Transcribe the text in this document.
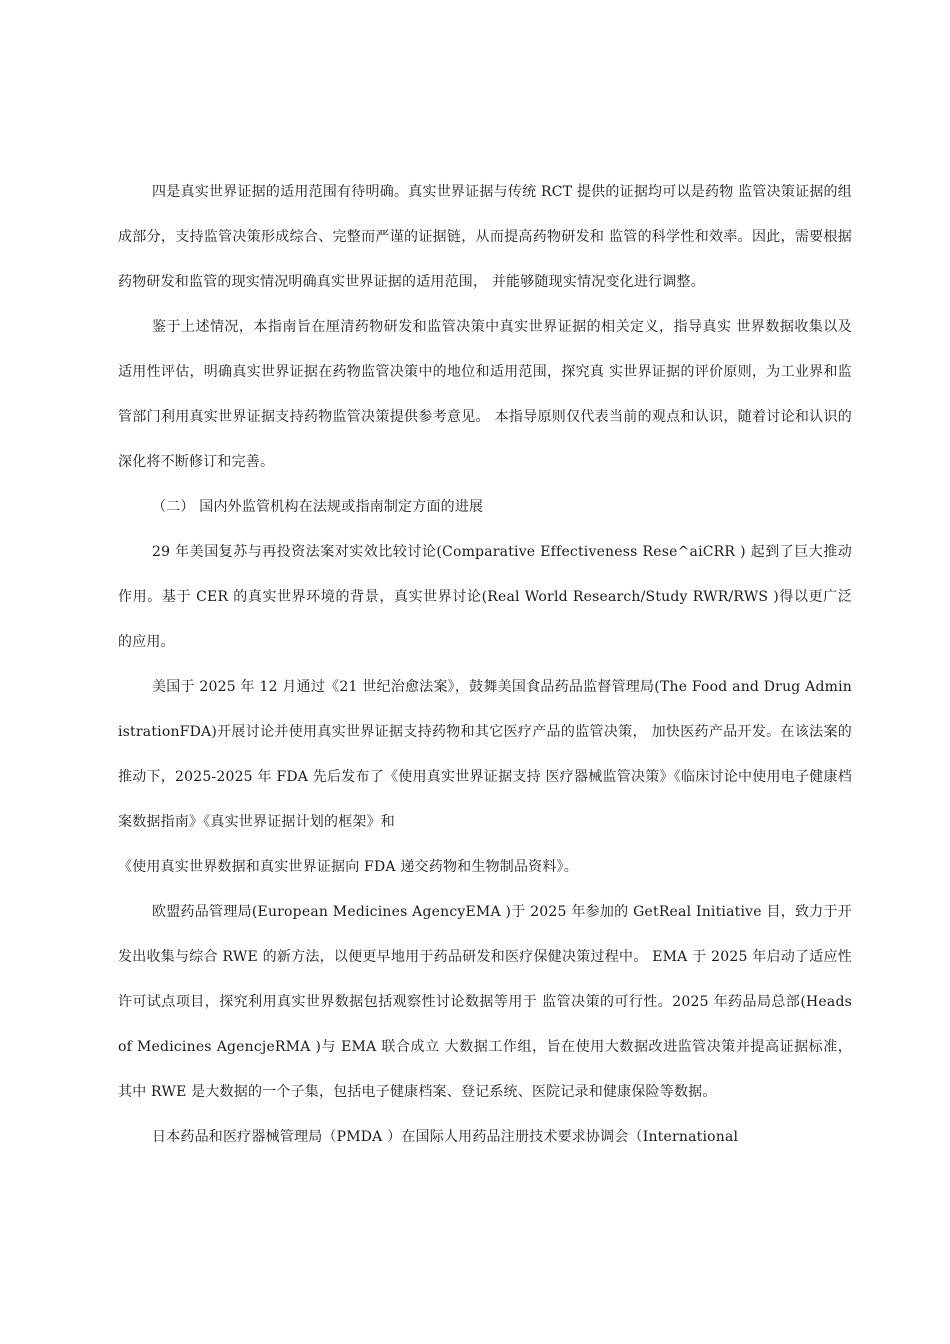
四是真实世界证据的适用范围有待明确。真实世界证据与传统 RCT 提供的证据均可以是药物 监管决策证据的组成部分，支持监管决策形成综合、完整而严谨的证据链，从而提高药物研发和 监管的科学性和效率。因此，需要根据药物研发和监管的现实情况明确真实世界证据的适用范围， 并能够随现实情况变化进行调整。

鉴于上述情况，本指南旨在厘清药物研发和监管决策中真实世界证据的相关定义，指导真实 世界数据收集以及适用性评估，明确真实世界证据在药物监管决策中的地位和适用范围，探究真 实世界证据的评价原则，为工业界和监管部门利用真实世界证据支持药物监管决策提供参考意见。 本指导原则仅代表当前的观点和认识，随着讨论和认识的深化将不断修订和完善。

（二） 国内外监管机构在法规或指南制定方面的进展

29 年美国复苏与再投资法案对实效比较讨论(Comparative Effectiveness Rese^aiCRR ) 起到了巨大推动作用。基于 CER 的真实世界环境的背景，真实世界讨论(Real World Research/Study RWR/RWS )得以更广泛的应用。

美国于 2025 年 12 月通过《21 世纪治愈法案》，鼓舞美国食品药品监督管理局(The Food and Drug AdministrationFDA)开展讨论并使用真实世界证据支持药物和其它医疗产品的监管决策， 加快医药产品开发。在该法案的推动下，2025-2025 年 FDA 先后发布了《使用真实世界证据支持 医疗器械监管决策》《临床讨论中使用电子健康档案数据指南》《真实世界证据计划的框架》和

《使用真实世界数据和真实世界证据向 FDA 递交药物和生物制品资料》。

欧盟药品管理局(European Medicines AgencyEMA )于 2025 年参加的 GetReal Initiative 目，致力于开发出收集与综合 RWE 的新方法，以便更早地用于药品研发和医疗保健决策过程中。 EMA 于 2025 年启动了适应性许可试点项目，探究利用真实世界数据包括观察性讨论数据等用于 监管决策的可行性。2025 年药品局总部(Heads of Medicines AgencjeRMA )与 EMA 联合成立 大数据工作组，旨在使用大数据改进监管决策并提高证据标准，其中 RWE 是大数据的一个子集，包括电子健康档案、登记系统、医院记录和健康保险等数据。

日本药品和医疗器械管理局（PMDA ）在国际人用药品注册技术要求协调会（International
